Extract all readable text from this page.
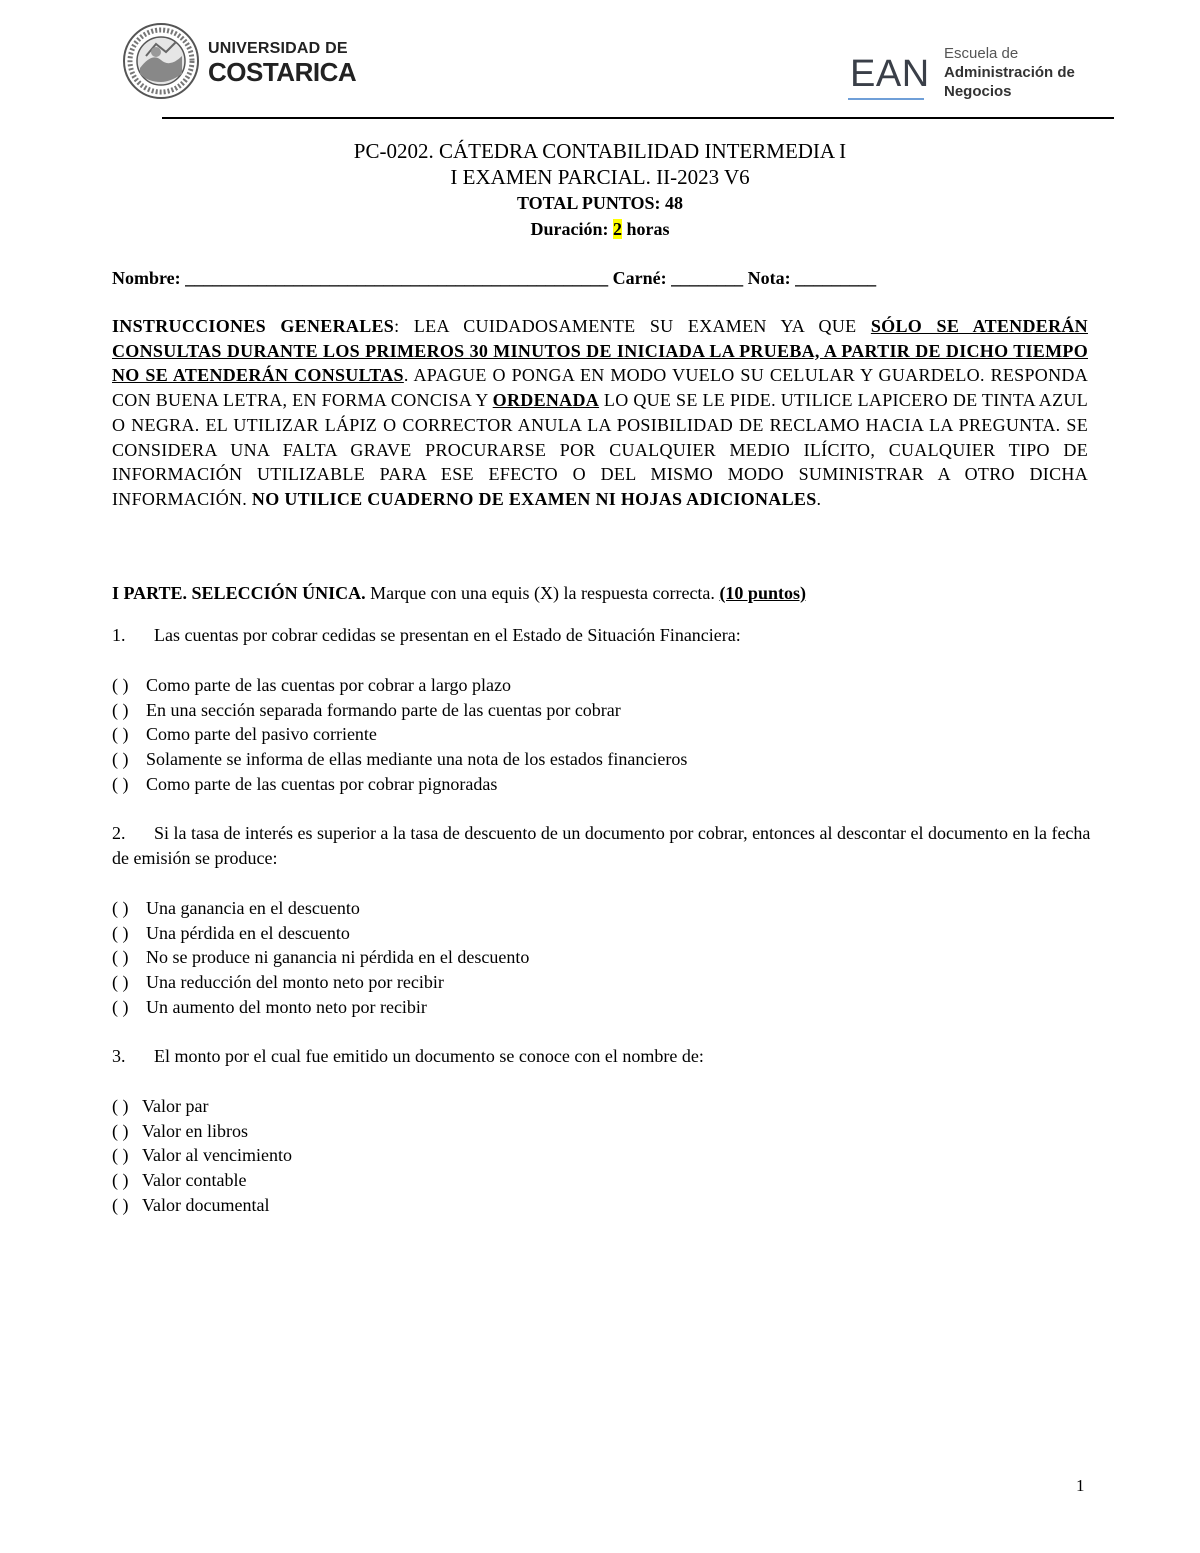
UNIVERSIDAD DE
COSTARICA	EAN Escuela de
Administración de
Negocios
PC-0202. CÁTEDRA CONTABILIDAD INTERMEDIA I
I EXAMEN PARCIAL. II-2023 V6
TOTAL PUNTOS: 48
Duración: 2 horas
Nombre: _______________________________________________ Carné: ________ Nota: _________
INSTRUCCIONES GENERALES: LEA CUIDADOSAMENTE SU EXAMEN YA QUE SÓLO SE ATENDERÁN CONSULTAS DURANTE LOS PRIMEROS 30 MINUTOS DE INICIADA LA PRUEBA, A PARTIR DE DICHO TIEMPO NO SE ATENDERÁN CONSULTAS. APAGUE O PONGA EN MODO VUELO SU CELULAR Y GUARDELO. RESPONDA CON BUENA LETRA, EN FORMA CONCISA Y ORDENADA LO QUE SE LE PIDE. UTILICE LAPICERO DE TINTA AZUL O NEGRA. EL UTILIZAR LÁPIZ O CORRECTOR ANULA LA POSIBILIDAD DE RECLAMO HACIA LA PREGUNTA. SE CONSIDERA UNA FALTA GRAVE PROCURARSE POR CUALQUIER MEDIO ILÍCITO, CUALQUIER TIPO DE INFORMACIÓN UTILIZABLE PARA ESE EFECTO O DEL MISMO MODO SUMINISTRAR A OTRO DICHA INFORMACIÓN. NO UTILICE CUADERNO DE EXAMEN NI HOJAS ADICIONALES.
I PARTE. SELECCIÓN ÚNICA. Marque con una equis (X) la respuesta correcta. (10 puntos)
1. Las cuentas por cobrar cedidas se presentan en el Estado de Situación Financiera:
( ) Como parte de las cuentas por cobrar a largo plazo
( ) En una sección separada formando parte de las cuentas por cobrar
( ) Como parte del pasivo corriente
( ) Solamente se informa de ellas mediante una nota de los estados financieros
( ) Como parte de las cuentas por cobrar pignoradas
2. Si la tasa de interés es superior a la tasa de descuento de un documento por cobrar, entonces al descontar el documento en la fecha de emisión se produce:
( ) Una ganancia en el descuento
( ) Una pérdida en el descuento
( ) No se produce ni ganancia ni pérdida en el descuento
( ) Una reducción del monto neto por recibir
( ) Un aumento del monto neto por recibir
3. El monto por el cual fue emitido un documento se conoce con el nombre de:
( ) Valor par
( ) Valor en libros
( ) Valor al vencimiento
( ) Valor contable
( ) Valor documental
1
